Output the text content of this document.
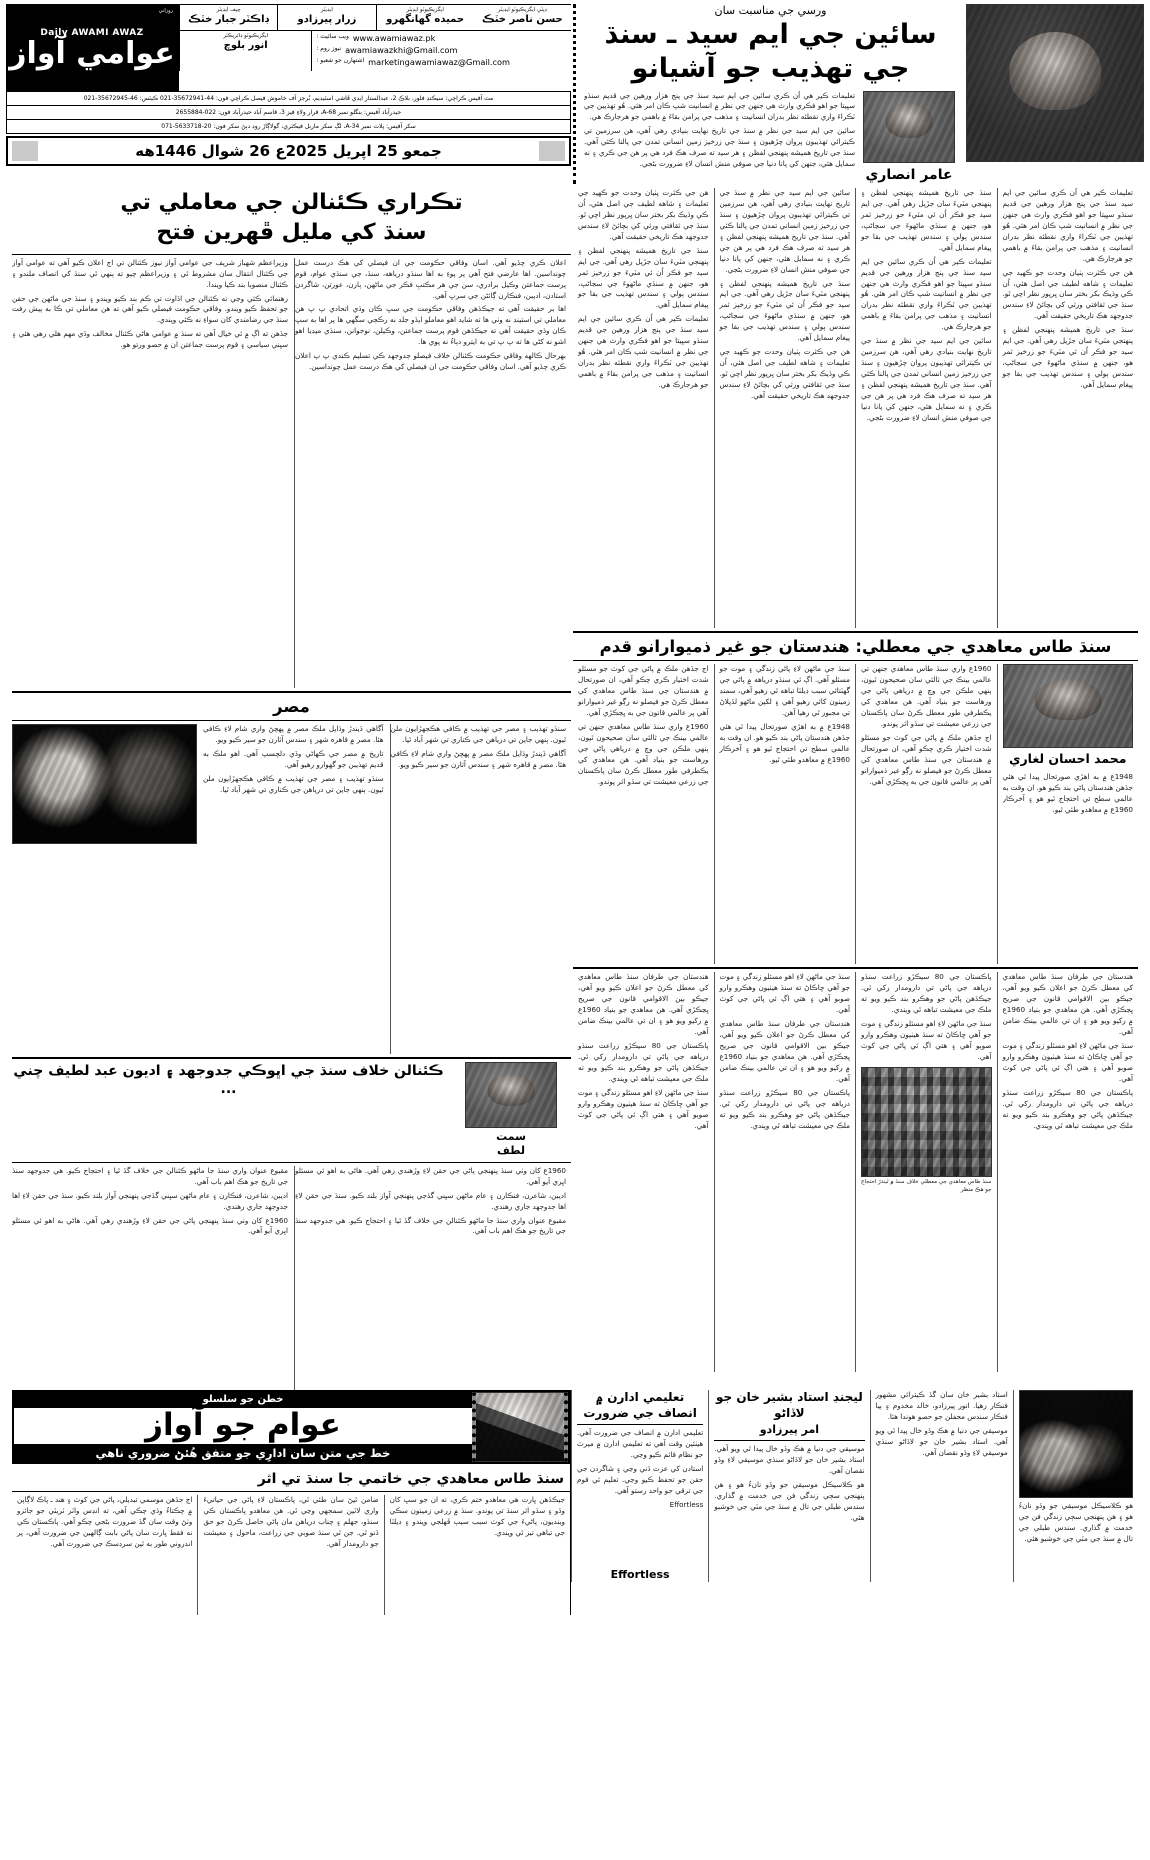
روزاني
Daily AWAMI AWAZ
عوامي آواز
چيف ايڊيٽر
ڊاڪٽر جبار خٽڪ
ايڊيٽر
زرار پيرزادو
ايگزيڪيوٽو ايڊيٽر
حميده گهانگهرو
ڊپٽي ايگزيڪيوٽو ايڊيٽر
حسن ناصر خٽڪ
ايگزيڪيوٽو ڊائريڪٽر
انور بلوچ
ويب سائيٽ : www.awamiawaz.pk
نيوز روم : awamiawazkhi@Gmail.com
اشتهارن جو شعبو : marketingawamiawaz@Gmail.com
مٽ آفيس ڪراچي: سيڪنڊ فلور، بلاڪ 2، عبدالستار ايڊي ڦاشي اسٽيڊيم، بُرجز آف خاموش فيصل ڪراچي فون: 44-35672941-021 ڪيٽس: 46-35672945-021
حيدرآباد آفيس: بنگلو نمبر A-68، قرار ولاءِ فيز 3، قاسم آباد حيدرآباد فون: 022-2655884
سکر آفيس: پلاٽ نمبر A-34، لڳ سکر ماربل فيڪٽري، گولاڳاڙ روڊ دٻڻ سکر فون: 20-5633718-071
جمعو 25 اپريل 2025ع 26 شوال 1446هه
ورسي جي مناسبت سان
سائين جي ايم سيد ـ سنڌ جي تهذيب جو آشيانو

تعليمات ڪير هي اُن ڪري سائين جي ايم سيد سنڌ جي پنج هزار ورهين جي قديم سنڌو سڀيتا جو اهو فڪري وارث هي جنهن جي نظر ۾ انسانيت شپ ڪان امر هئي. هُو تهذيبن جي ٽڪراءَ واري نقطئه نظر بدران انسانيت ۽ مذهب جي پرامن بقاءَ ۾ باهمي جو هرجارڪ هي.

سائين جي ايم سيد جي نظر ۾ سنڌ جي تاريخ نهايت بنيادي رهي آهي، هن سرزمين تي ڪيترائي تهذيبون پروان چڙهيون ۽ سنڌ جي زرخيز زمين انساني تمدن جي پالنا ڪئي آهي. سنڌ جي تاريخ هميشه پنهنجي لفظن ۽ هر سيد ته صرف هڪ فرد هي پر هن جي ڪري ۽ نه سمايل هئي، جنهن کي پانا دنيا جي صوفي منش انسان لاءِ ضرورت بڻجي.

عامر انصاري
تڪراري ڪئنالن جي معاملي تي
سنڌ کي مليل ڦهرين فتح

وزيراعظم شهباز شريف جي عوامي آواز نيوز ڪئنالن تي اڄ اعلان ڪيو آهي ته عوامي آواز جي ڪئنال انتقال سان مشروط ٿي ۽ وزيراعظم چيو ته ٻنهي ٿي سنڌ کي انصاف ملندو ۽ ڪئنال منصوبا بند ڪيا ويندا.

رهنمائي ڪئي وڃي ته ڪئنالن جي اڏاوت تي ڪم بند ڪيو ويندو ۽ سنڌ جي ماڻهن جي حقن جو تحفظ ڪيو ويندو. وفاقي حڪومت فيصلي ڪيو آهي ته هن معاملي تي ڪا به پيش رفت سنڌ جي رضامندي کان سواءِ نه ڪئي ويندي.

جڏهن ته اڳ ۾ ئي خيال آهي ته سنڌ ۾ عوامي هاڻي ڪئنال مخالف وڏي مهم هلي رهي هئي ۽ سڀني سياسي ۽ قوم پرست جماعتن ان ۾ حصو ورتو هو.

اعلان ڪري چڏيو آهي. اسان وفاقي حڪومت جي ان فيصلي کي هڪ درست عمل چونداسين. اها عارضي فتح آهي پر پوءِ به اها سنڌو درياهه، سنڌ، جي سنڌي عوام، قوم پرست جماعتن وڪيل برادري، سن جي هر مڪتبِ فڪر جي ماڻهن، ٻارن، عورتن، شاگردن استادن، اديبن، فنڪارن ڳائڻن جي سرڀ آهي.

اها بر حقيقت آهي ته جيڪڏهن وفاقي حڪومت جي سڀ ڪان وڌي اتحادي پ پ هن معاملي تي استينڊ نه وٺي ها ته شايد اهو معاملو ايڏو جلد نه رڪجي سگهي ها پر اها به سڀ ڪان وڌي حقيقت آهي ته جيڪڏهن قوم پرست جماعتن، وڪيلن، نوجوانن، سنڌي ميڊيا اهو اشو نه کڻي ها ته پ پ تي به ايترو دٻاءُ نه پوي ها.

بهرحال ڪالهه وفاقي حڪومت ڪئنالن خلاف فيصلو جدوجهد ڪي تسليم ڪندي پ پ اعلان ڪري چڏيو آهي. اسان وفاقي حڪومت جي ان فيصلي کي هڪ درست عمل چونداسين.

مصر

آگاهي ڏيندڙ وڌايل ملڪ مصر ۾ پهچڻ واري شام لاءِ ڪافي هئا. مصر ۾ قاهره شهر ۽ سندس آثارن جو سير ڪيو ويو.

تاريخ ۾ مصر جي ڪهاڻي وڏي دلچسپ آهي. اهو ملڪ به قديم تهذيبن جو گهوارو رهيو آهي.

سنڌو تهذيب ۽ مصر جي تهذيب ۾ ڪافي هڪجهڙايون ملن ٿيون. ٻنهي جاين تي درياهن جي ڪناري تي شهر آباد ٿيا.

سنڌو تهذيب ۽ مصر جي تهذيب ۾ ڪافي هڪجهڙايون ملن ٿيون. ٻنهي جاين تي درياهن جي ڪناري تي شهر آباد ٿيا.

آگاهي ڏيندڙ وڌايل ملڪ مصر ۾ پهچڻ واري شام لاءِ ڪافي هئا. مصر ۾ قاهره شهر ۽ سندس آثارن جو سير ڪيو ويو.

ڪئنالن خلاف سنڌ جي اڀوڪي جدوجهد ۽ اديون عبد لطيف چني ...
سمت
لطف

مقبوع عنوان واري سنڌ جا ماڻهو ڪئنالن جي خلاف گڏ ٿيا ۽ احتجاج ڪيو. هي جدوجهد سنڌ جي تاريخ جو هڪ اهم باب آهي.

اديبن، شاعرن، فنڪارن ۽ عام ماڻهن سڀني گڏجي پنهنجي آواز بلند ڪيو. سنڌ جي حقن لاءِ اها جدوجهد جاري رهندي.

1960ع کان وٺي سنڌ پنهنجي پاڻي جي حقن لاءِ وڙهندي رهي آهي. هاڻي به اهو ئي مسئلو اڀري آيو آهي.

1960ع کان وٺي سنڌ پنهنجي پاڻي جي حقن لاءِ وڙهندي رهي آهي. هاڻي به اهو ئي مسئلو اڀري آيو آهي.

اديبن، شاعرن، فنڪارن ۽ عام ماڻهن سڀني گڏجي پنهنجي آواز بلند ڪيو. سنڌ جي حقن لاءِ اها جدوجهد جاري رهندي.

مقبوع عنوان واري سنڌ جا ماڻهو ڪئنالن جي خلاف گڏ ٿيا ۽ احتجاج ڪيو. هي جدوجهد سنڌ جي تاريخ جو هڪ اهم باب آهي.

هن جي ڪثرت پٺيان وحدت جو ڪهيد جي تعليمات ۽ شاهه لطيف جي اصل هئي، اُن ڪي وڌيڪ بکر بختر سان ڀرپور نظر اچي ٿو. سنڌ جي ثقافتي ورثي کي بچائڻ لاءِ سندس جدوجهد هڪ تاريخي حقيقت آهي.

سنڌ جي تاريخ هميشه پنهنجي لفظن ۽ پنهنجي مٽيءَ سان جڙيل رهي آهي. جي ايم سيد جو فڪر اُن ئي مٽيءَ جو زرخيز ثمر هو، جنهن ۾ سنڌي ماڻهوءَ جي سڃاڻپ، سندس ٻولي ۽ سندس تهذيب جي بقا جو پيغام سمايل آهي.

تعليمات ڪير هي اُن ڪري سائين جي ايم سيد سنڌ جي پنج هزار ورهين جي قديم سنڌو سڀيتا جو اهو فڪري وارث هي جنهن جي نظر ۾ انسانيت شپ ڪان امر هئي. هُو تهذيبن جي ٽڪراءَ واري نقطئه نظر بدران انسانيت ۽ مذهب جي پرامن بقاءَ ۾ باهمي جو هرجارڪ هي.

سائين جي ايم سيد جي نظر ۾ سنڌ جي تاريخ نهايت بنيادي رهي آهي، هن سرزمين تي ڪيترائي تهذيبون پروان چڙهيون ۽ سنڌ جي زرخيز زمين انساني تمدن جي پالنا ڪئي آهي. سنڌ جي تاريخ هميشه پنهنجي لفظن ۽ هر سيد ته صرف هڪ فرد هي پر هن جي ڪري ۽ نه سمايل هئي، جنهن کي پانا دنيا جي صوفي منش انسان لاءِ ضرورت بڻجي.

سنڌ جي تاريخ هميشه پنهنجي لفظن ۽ پنهنجي مٽيءَ سان جڙيل رهي آهي. جي ايم سيد جو فڪر اُن ئي مٽيءَ جو زرخيز ثمر هو، جنهن ۾ سنڌي ماڻهوءَ جي سڃاڻپ، سندس ٻولي ۽ سندس تهذيب جي بقا جو پيغام سمايل آهي.

هن جي ڪثرت پٺيان وحدت جو ڪهيد جي تعليمات ۽ شاهه لطيف جي اصل هئي، اُن ڪي وڌيڪ بکر بختر سان ڀرپور نظر اچي ٿو. سنڌ جي ثقافتي ورثي کي بچائڻ لاءِ سندس جدوجهد هڪ تاريخي حقيقت آهي.

سنڌ جي تاريخ هميشه پنهنجي لفظن ۽ پنهنجي مٽيءَ سان جڙيل رهي آهي. جي ايم سيد جو فڪر اُن ئي مٽيءَ جو زرخيز ثمر هو، جنهن ۾ سنڌي ماڻهوءَ جي سڃاڻپ، سندس ٻولي ۽ سندس تهذيب جي بقا جو پيغام سمايل آهي.

تعليمات ڪير هي اُن ڪري سائين جي ايم سيد سنڌ جي پنج هزار ورهين جي قديم سنڌو سڀيتا جو اهو فڪري وارث هي جنهن جي نظر ۾ انسانيت شپ ڪان امر هئي. هُو تهذيبن جي ٽڪراءَ واري نقطئه نظر بدران انسانيت ۽ مذهب جي پرامن بقاءَ ۾ باهمي جو هرجارڪ هي.

سائين جي ايم سيد جي نظر ۾ سنڌ جي تاريخ نهايت بنيادي رهي آهي، هن سرزمين تي ڪيترائي تهذيبون پروان چڙهيون ۽ سنڌ جي زرخيز زمين انساني تمدن جي پالنا ڪئي آهي. سنڌ جي تاريخ هميشه پنهنجي لفظن ۽ هر سيد ته صرف هڪ فرد هي پر هن جي ڪري ۽ نه سمايل هئي، جنهن کي پانا دنيا جي صوفي منش انسان لاءِ ضرورت بڻجي.

تعليمات ڪير هي اُن ڪري سائين جي ايم سيد سنڌ جي پنج هزار ورهين جي قديم سنڌو سڀيتا جو اهو فڪري وارث هي جنهن جي نظر ۾ انسانيت شپ ڪان امر هئي. هُو تهذيبن جي ٽڪراءَ واري نقطئه نظر بدران انسانيت ۽ مذهب جي پرامن بقاءَ ۾ باهمي جو هرجارڪ هي.

هن جي ڪثرت پٺيان وحدت جو ڪهيد جي تعليمات ۽ شاهه لطيف جي اصل هئي، اُن ڪي وڌيڪ بکر بختر سان ڀرپور نظر اچي ٿو. سنڌ جي ثقافتي ورثي کي بچائڻ لاءِ سندس جدوجهد هڪ تاريخي حقيقت آهي.

سنڌ جي تاريخ هميشه پنهنجي لفظن ۽ پنهنجي مٽيءَ سان جڙيل رهي آهي. جي ايم سيد جو فڪر اُن ئي مٽيءَ جو زرخيز ثمر هو، جنهن ۾ سنڌي ماڻهوءَ جي سڃاڻپ، سندس ٻولي ۽ سندس تهذيب جي بقا جو پيغام سمايل آهي.

سنڌ طاس معاهدي جي معطلي: هندستان جو غير ذميوارانو قدم

اڄ جڏهن ملڪ ۾ پاڻي جي کوٽ جو مسئلو شدت اختيار ڪري چڪو آهي، ان صورتحال ۾ هندستان جي سنڌ طاس معاهدي کي معطل ڪرڻ جو فيصلو نه رڳو غير ذميوارانو آهي پر عالمي قانون جي به ڀڃڪڙي آهي.

1960ع واري سنڌ طاس معاهدي جنهن تي عالمي بينڪ جي ثالثي سان صحيحون ٿيون، ٻنهي ملڪن جي وچ ۾ درياهي پاڻي جي ورهاست جو بنياد آهي. هن معاهدي کي يڪطرفي طور معطل ڪرڻ سان پاڪستان جي زرعي معيشت تي سڌو اثر پوندو.

سنڌ جي ماڻهن لاءِ پاڻي زندگي ۽ موت جو مسئلو آهي. اڳ ئي سنڌو درياهه ۾ پاڻي جي گهٽتائي سبب ڊيلٽا تباهه ٿي رهيو آهي، سمنڊ زمينون کائي رهيو آهي ۽ لکين ماڻهو لڏپلاڻ تي مجبور ٿي رهيا آهن.

1948ع ۾ به اهڙي صورتحال پيدا ٿي هئي جڏهن هندستان پاڻي بند ڪيو هو. ان وقت به عالمي سطح تي احتجاج ٿيو هو ۽ آخرڪار 1960ع ۾ معاهدو طئي ٿيو.

1960ع واري سنڌ طاس معاهدي جنهن تي عالمي بينڪ جي ثالثي سان صحيحون ٿيون، ٻنهي ملڪن جي وچ ۾ درياهي پاڻي جي ورهاست جو بنياد آهي. هن معاهدي کي يڪطرفي طور معطل ڪرڻ سان پاڪستان جي زرعي معيشت تي سڌو اثر پوندو.

اڄ جڏهن ملڪ ۾ پاڻي جي کوٽ جو مسئلو شدت اختيار ڪري چڪو آهي، ان صورتحال ۾ هندستان جي سنڌ طاس معاهدي کي معطل ڪرڻ جو فيصلو نه رڳو غير ذميوارانو آهي پر عالمي قانون جي به ڀڃڪڙي آهي.

محمد احسان لغاري

1948ع ۾ به اهڙي صورتحال پيدا ٿي هئي جڏهن هندستان پاڻي بند ڪيو هو. ان وقت به عالمي سطح تي احتجاج ٿيو هو ۽ آخرڪار 1960ع ۾ معاهدو طئي ٿيو.

هندستان جي طرفان سنڌ طاس معاهدي کي معطل ڪرڻ جو اعلان ڪيو ويو آهي، جيڪو بين الاقوامي قانون جي صريح ڀڃڪڙي آهي. هن معاهدي جو بنياد 1960ع ۾ رکيو ويو هو ۽ ان تي عالمي بينڪ ضامن آهي.

پاڪستان جي 80 سيڪڙو زراعت سنڌو درياهه جي پاڻي تي دارومدار رکي ٿي. جيڪڏهن پاڻي جو وهڪرو بند ڪيو ويو ته ملڪ جي معيشت تباهه ٿي ويندي.

سنڌ جي ماڻهن لاءِ اهو مسئلو زندگي ۽ موت جو آهي ڇاڪاڻ ته سنڌ هيٺيون وهڪرو وارو صوبو آهي ۽ هتي اڳ ئي پاڻي جي کوٽ آهي.

سنڌ جي ماڻهن لاءِ اهو مسئلو زندگي ۽ موت جو آهي ڇاڪاڻ ته سنڌ هيٺيون وهڪرو وارو صوبو آهي ۽ هتي اڳ ئي پاڻي جي کوٽ آهي.

هندستان جي طرفان سنڌ طاس معاهدي کي معطل ڪرڻ جو اعلان ڪيو ويو آهي، جيڪو بين الاقوامي قانون جي صريح ڀڃڪڙي آهي. هن معاهدي جو بنياد 1960ع ۾ رکيو ويو هو ۽ ان تي عالمي بينڪ ضامن آهي.

پاڪستان جي 80 سيڪڙو زراعت سنڌو درياهه جي پاڻي تي دارومدار رکي ٿي. جيڪڏهن پاڻي جو وهڪرو بند ڪيو ويو ته ملڪ جي معيشت تباهه ٿي ويندي.

پاڪستان جي 80 سيڪڙو زراعت سنڌو درياهه جي پاڻي تي دارومدار رکي ٿي. جيڪڏهن پاڻي جو وهڪرو بند ڪيو ويو ته ملڪ جي معيشت تباهه ٿي ويندي.

سنڌ جي ماڻهن لاءِ اهو مسئلو زندگي ۽ موت جو آهي ڇاڪاڻ ته سنڌ هيٺيون وهڪرو وارو صوبو آهي ۽ هتي اڳ ئي پاڻي جي کوٽ آهي.

سنڌ طاس معاهدي جي معطلي خلاف سنڌ ۾ ٿيندڙ احتجاج جو هڪ منظر

هندستان جي طرفان سنڌ طاس معاهدي کي معطل ڪرڻ جو اعلان ڪيو ويو آهي، جيڪو بين الاقوامي قانون جي صريح ڀڃڪڙي آهي. هن معاهدي جو بنياد 1960ع ۾ رکيو ويو هو ۽ ان تي عالمي بينڪ ضامن آهي.

سنڌ جي ماڻهن لاءِ اهو مسئلو زندگي ۽ موت جو آهي ڇاڪاڻ ته سنڌ هيٺيون وهڪرو وارو صوبو آهي ۽ هتي اڳ ئي پاڻي جي کوٽ آهي.

پاڪستان جي 80 سيڪڙو زراعت سنڌو درياهه جي پاڻي تي دارومدار رکي ٿي. جيڪڏهن پاڻي جو وهڪرو بند ڪيو ويو ته ملڪ جي معيشت تباهه ٿي ويندي.

خطن جو سلسلو
عوام جو آواز
خط جي متن سان ادارِي جو متفق هُئڻ ضروري ناهي
سنڌ طاس معاهدي جي خاتمي جا سنڌ تي اثر

اڄ جڏهن موسمي تبديلي، پاڻي جي کوٽ ۽ هند ـ پاڪ لاڳاپن ۾ چڪتاءُ وڌي چڪي آهي، ته انڊس واٽر ٽريٽي جو جائزو وٺڻ وقت سان گڏ ضرورت بڻجي چڪو آهي. پاڪستان ڪي نه فقط ڀارت سان پاڻي بابت ڳالهين جي ضرورت آهي، پر اندروني طور به ٿين سرڊسڪ جي ضرورت آهي.

ضامن ٿيڻ سان طئي ٿي، پاڪستان لاءِ پاڻي جي حياتيءَ واري لاٽين سمجهي وڃي ٿي. هن معاهدو پاڪستان ڪي سنڌو، جهلم ۽ چناب درياهن مان پاڻي حاصل ڪرڻ جو حق ڏنو ٿي. جن ٿي سنڌ صوبي جي زراعت، ماحول ۽ معيشت جو دارومدار آهي.

جيڪڏهن ڀارت هي معاهدو ختم ڪري، ته ان جو سڀ کان وڏو ۽ سڌو اثر سنڌ تي پوندو. سنڌ ۾ زرعي زمينون سڪي وينديون، پاڻيءَ جي کوٽ سبب سيٻ ڦهلجي ويندو ۽ ڊيلٽا جي تباهي تيز ٿي ويندي.

تعليمي ادارن ۾ انصاف جي ضرورت

تعليمي ادارن ۾ انصاف جي ضرورت آهي. هيٺئين وقت آهي ته تعليمي ادارن ۾ ميرٽ جو نظام قائم ڪيو وڃي.

استادن کي عزت ڏني وڃي ۽ شاگردن جي حقن جو تحفظ ڪيو وڃي. تعليم ئي قوم جي ترقي جو واحد رستو آهي.

Effortless

Effortless
ليجنڊ استاد بشير خان جو لاڏاڻو
امر پيرزادو

موسيقي جي دنيا ۾ هڪ وڏو خال پيدا ٿي ويو آهي. استاد بشير خان جو لاڏاڻو سنڌي موسيقي لاءِ وڏو نقصان آهي.

هو ڪلاسيڪل موسيقي جو وڏو نانءُ هو ۽ هن پنهنجي سڄي زندگي فن جي خدمت ۾ گذاري. سندس طبلي جي تال ۾ سنڌ جي مٽي جي خوشبو هئي.

استاد بشير خان سان گڏ ڪيترائي مشهور فنڪار رهيا. انور پيرزادو، خالد مخدوم ۽ ٻيا فنڪار سندس محفلن جو حصو هوندا هئا.

موسيقي جي دنيا ۾ هڪ وڏو خال پيدا ٿي ويو آهي. استاد بشير خان جو لاڏاڻو سنڌي موسيقي لاءِ وڏو نقصان آهي.

هو ڪلاسيڪل موسيقي جو وڏو نانءُ هو ۽ هن پنهنجي سڄي زندگي فن جي خدمت ۾ گذاري. سندس طبلي جي تال ۾ سنڌ جي مٽي جي خوشبو هئي.
